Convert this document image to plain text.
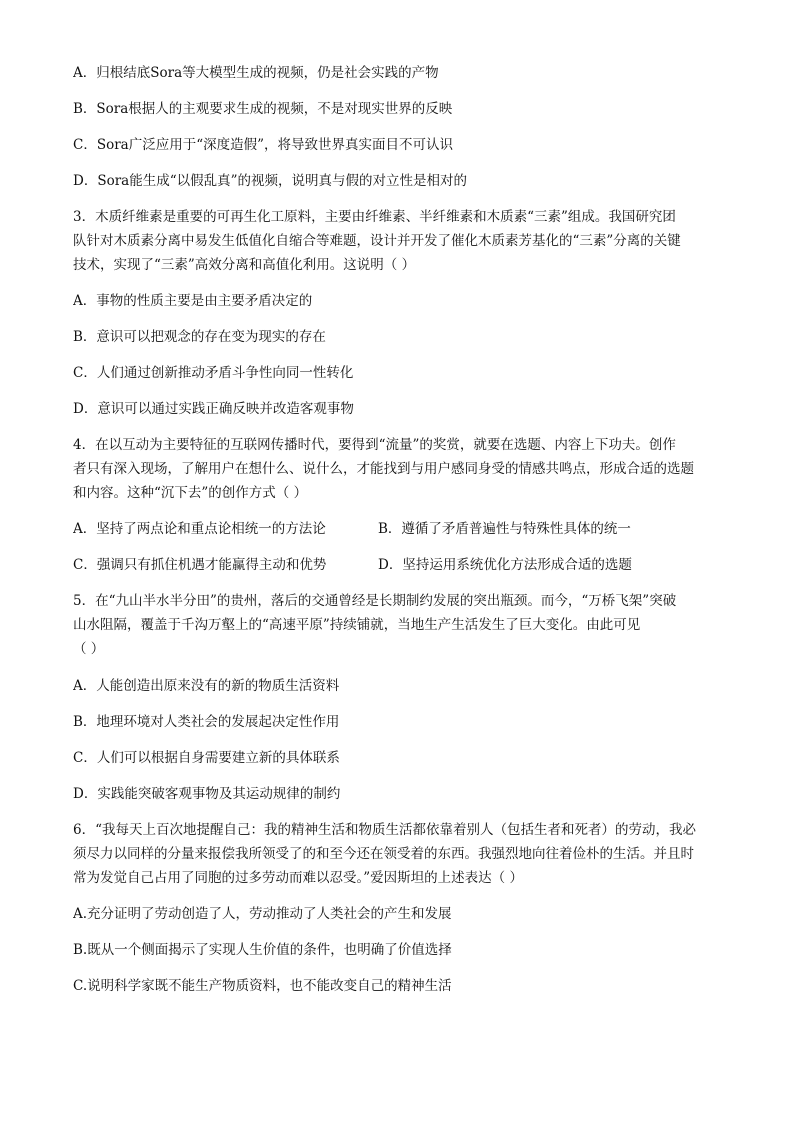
A．归根结底Sora等大模型生成的视频，仍是社会实践的产物
B．Sora根据人的主观要求生成的视频，不是对现实世界的反映
C．Sora广泛应用于“深度造假”，将导致世界真实面目不可认识
D．Sora能生成“以假乱真”的视频，说明真与假的对立性是相对的
3．木质纤维素是重要的可再生化工原料，主要由纤维素、半纤维素和木质素“三素”组成。我国研究团
队针对木质素分离中易发生低值化自缩合等难题，设计并开发了催化木质素芳基化的“三素”分离的关键
技术，实现了“三素”高效分离和高值化利用。这说明（ ）
A．事物的性质主要是由主要矛盾决定的
B．意识可以把观念的存在变为现实的存在
C．人们通过创新推动矛盾斗争性向同一性转化
D．意识可以通过实践正确反映并改造客观事物
4．在以互动为主要特征的互联网传播时代，要得到“流量”的奖赏，就要在选题、内容上下功夫。创作
者只有深入现场，了解用户在想什么、说什么，才能找到与用户感同身受的情感共鸣点，形成合适的选题
和内容。这种“沉下去”的创作方式（ ）
A．坚持了两点论和重点论相统一的方法论	B．遵循了矛盾普遍性与特殊性具体的统一
C．强调只有抓住机遇才能赢得主动和优势	D．坚持运用系统优化方法形成合适的选题
5．在“九山半水半分田”的贵州，落后的交通曾经是长期制约发展的突出瓶颈。而今，“万桥飞架”突破
山水阻隔，覆盖于千沟万壑上的“高速平原”持续铺就，当地生产生活发生了巨大变化。由此可见
（ ）
A．人能创造出原来没有的新的物质生活资料
B．地理环境对人类社会的发展起决定性作用
C．人们可以根据自身需要建立新的具体联系
D．实践能突破客观事物及其运动规律的制约
6．“我每天上百次地提醒自己：我的精神生活和物质生活都依靠着别人（包括生者和死者）的劳动，我必
须尽力以同样的分量来报偿我所领受了的和至今还在领受着的东西。我强烈地向往着俭朴的生活。并且时
常为发觉自己占用了同胞的过多劳动而难以忍受。”爱因斯坦的上述表达（ ）
A.充分证明了劳动创造了人，劳动推动了人类社会的产生和发展
B.既从一个侧面揭示了实现人生价值的条件，也明确了价值选择
C.说明科学家既不能生产物质资料，也不能改变自己的精神生活
